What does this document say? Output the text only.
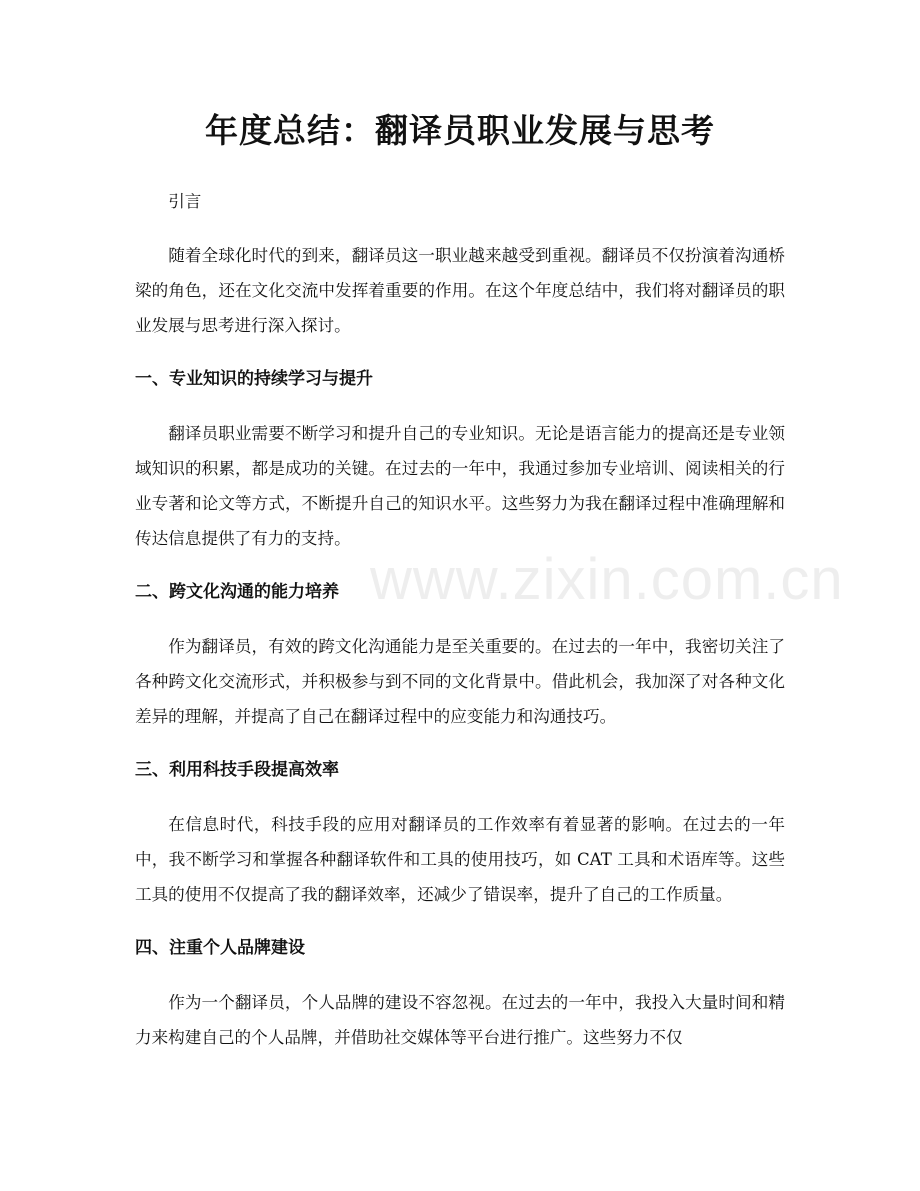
年度总结：翻译员职业发展与思考

引言

随着全球化时代的到来，翻译员这一职业越来越受到重视。翻译员不仅扮演着沟通桥梁的角色，还在文化交流中发挥着重要的作用。在这个年度总结中，我们将对翻译员的职业发展与思考进行深入探讨。

一、专业知识的持续学习与提升

翻译员职业需要不断学习和提升自己的专业知识。无论是语言能力的提高还是专业领域知识的积累，都是成功的关键。在过去的一年中，我通过参加专业培训、阅读相关的行业专著和论文等方式，不断提升自己的知识水平。这些努力为我在翻译过程中准确理解和传达信息提供了有力的支持。

二、跨文化沟通的能力培养

作为翻译员，有效的跨文化沟通能力是至关重要的。在过去的一年中，我密切关注了各种跨文化交流形式，并积极参与到不同的文化背景中。借此机会，我加深了对各种文化差异的理解，并提高了自己在翻译过程中的应变能力和沟通技巧。

三、利用科技手段提高效率

在信息时代，科技手段的应用对翻译员的工作效率有着显著的影响。在过去的一年中，我不断学习和掌握各种翻译软件和工具的使用技巧，如 CAT 工具和术语库等。这些工具的使用不仅提高了我的翻译效率，还减少了错误率，提升了自己的工作质量。

四、注重个人品牌建设

作为一个翻译员，个人品牌的建设不容忽视。在过去的一年中，我投入大量时间和精力来构建自己的个人品牌，并借助社交媒体等平台进行推广。这些努力不仅

www.zixin.com.cn
